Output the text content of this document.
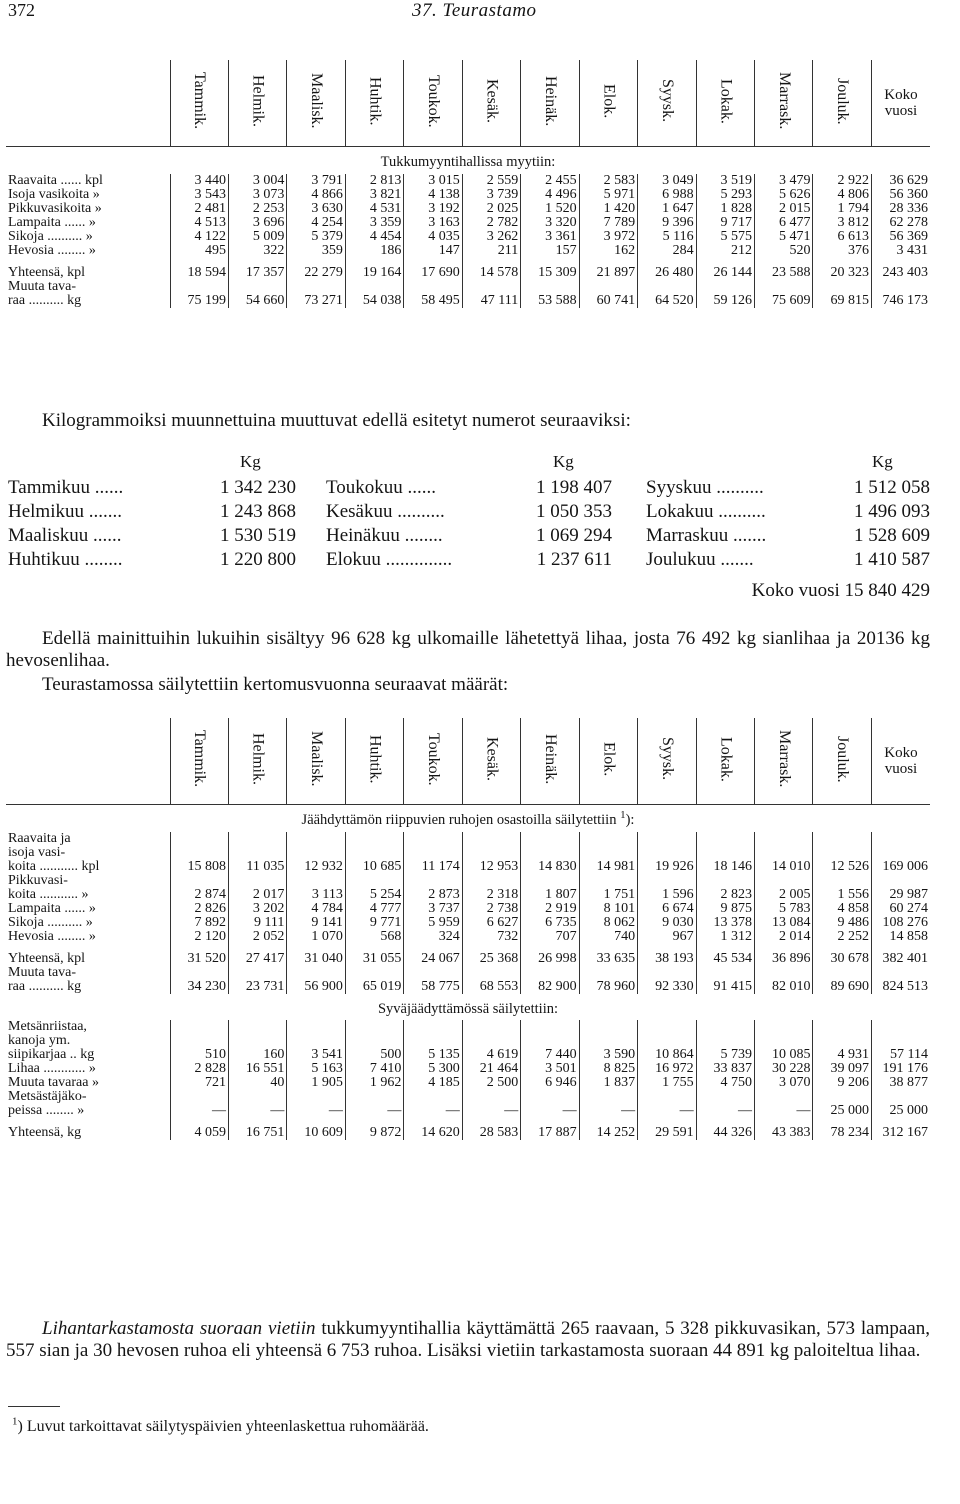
372	37. Teurastamo
	Tammik.	Helmik.	Maalisk.	Huhtik.	Toukok.	Kesäk.	Heinäk.	Elok.	Syysk.	Lokak.	Marrask.	Jouluk.	Koko vuosi
Tukkumyyntihallissa myytiin:													
Raavaita ...... kpl	3 440	3 004	3 791	2 813	3 015	2 559	2 455	2 583	3 049	3 519	3 479	2 922	36 629
Isoja vasikoita »	3 543	3 073	4 866	3 821	4 138	3 739	4 496	5 971	6 988	5 293	5 626	4 806	56 360
Pikkuvasikoita »	2 481	2 253	3 630	4 531	3 192	2 025	1 520	1 420	1 647	1 828	2 015	1 794	28 336
Lampaita ...... »	4 513	3 696	4 254	3 359	3 163	2 782	3 320	7 789	9 396	9 717	6 477	3 812	62 278
Sikoja .......... »	4 122	5 009	5 379	4 454	4 035	3 262	3 361	3 972	5 116	5 575	5 471	6 613	56 369
Hevosia ........ »	495	322	359	186	147	211	157	162	284	212	520	376	3 431
Yhteensä, kpl	18 594	17 357	22 279	19 164	17 690	14 578	15 309	21 897	26 480	26 144	23 588	20 323	243 403
Muuta tava-													
raa .......... kg	75 199	54 660	73 271	54 038	58 495	47 111	53 588	60 741	64 520	59 126	75 609	69 815	746 173
Kilogrammoiksi muunnettuina muuttuvat edellä esitetyt numerot seuraaviksi:
Kg	Kg	Kg
Tammikuu ......	1 342 230
Helmikuu .......	1 243 868
Maaliskuu ......	1 530 519
Huhtikuu ........	1 220 800
Toukokuu ......	1 198 407
Kesäkuu ..........	1 050 353
Heinäkuu ........	1 069 294
Elokuu ..............	1 237 611
Syyskuu ..........	1 512 058
Lokakuu ..........	1 496 093
Marraskuu .......	1 528 609
Joulukuu .......	1 410 587
Koko vuosi 15 840 429
Edellä mainittuihin lukuihin sisältyy 96 628 kg ulkomaille lähetettyä lihaa, josta 76 492 kg sianlihaa ja 20136 kg hevosenlihaa.
Teurastamossa säilytettiin kertomusvuonna seuraavat määrät:
	Tammik.	Helmik.	Maalisk.	Huhtik.	Toukok.	Kesäk.	Heinäk.	Elok.	Syysk.	Lokak.	Marrask.	Jouluk.	Koko vuosi
Jäähdyttämön riippuvien ruhojen osastoilla säilytettiin $^1$):													

Raavaita ja
isoja vasi-
koita ........... kpl	15 808	11 035	12 932	10 685	11 174	12 953	14 830	14 981	19 926	18 146	14 010	12 526	169 006

Pikkuvasi-
koita ........... »	2 874	2 017	3 113	5 254	2 873	2 318	1 807	1 751	1 596	2 823	2 005	1 556	29 987

Lampaita ...... »	2 826	3 202	4 784	4 777	3 737	2 738	2 919	8 101	6 674	9 875	5 783	4 858	60 274

Sikoja .......... »	7 892	9 111	9 141	9 771	5 959	6 627	6 735	8 062	9 030	13 378	13 084	9 486	108 276

Hevosia ........ »	2 120	2 052	1 070	568	324	732	707	740	967	1 312	2 014	2 252	14 858
Yhteensä, kpl	31 520	27 417	31 040	31 055	24 067	25 368	26 998	33 635	38 193	45 534	36 896	30 678	382 401
Muuta tava-													
raa .......... kg	34 230	23 731	56 900	65 019	58 775	68 553	82 900	78 960	92 330	91 415	82 010	89 690	824 513
Syväjäädyttämössä säilytettiin:													

Metsänriistaa,
kanoja ym.
siipikarjaa .. kg	510	160	3 541	500	5 135	4 619	7 440	3 590	10 864	5 739	10 085	4 931	57 114

Lihaa ............ »	2 828	16 551	5 163	7 410	5 300	21 464	3 501	8 825	16 972	33 837	30 228	39 097	191 176

Muuta tavaraa »	721	40	1 905	1 962	4 185	2 500	6 946	1 837	1 755	4 750	3 070	9 206	38 877

Metsästäjäko-
peissa ........ »	—	—	—	—	—	—	—	—	—	—	—	25 000	25 000
Yhteensä, kg	4 059	16 751	10 609	9 872	14 620	28 583	17 887	14 252	29 591	44 326	43 383	78 234	312 167
Lihantarkastamosta suoraan vietiin tukkumyyntihallia käyttämättä 265 raavaan, 5 328 pikkuvasikan, 573 lampaan, 557 sian ja 30 hevosen ruhoa eli yhteensä 6 753 ruhoa. Lisäksi vietiin tarkastamosta suoraan 44 891 kg paloiteltua lihaa.
$^1$) Luvut tarkoittavat säilytyspäivien yhteenlaskettua ruhomäärää.
